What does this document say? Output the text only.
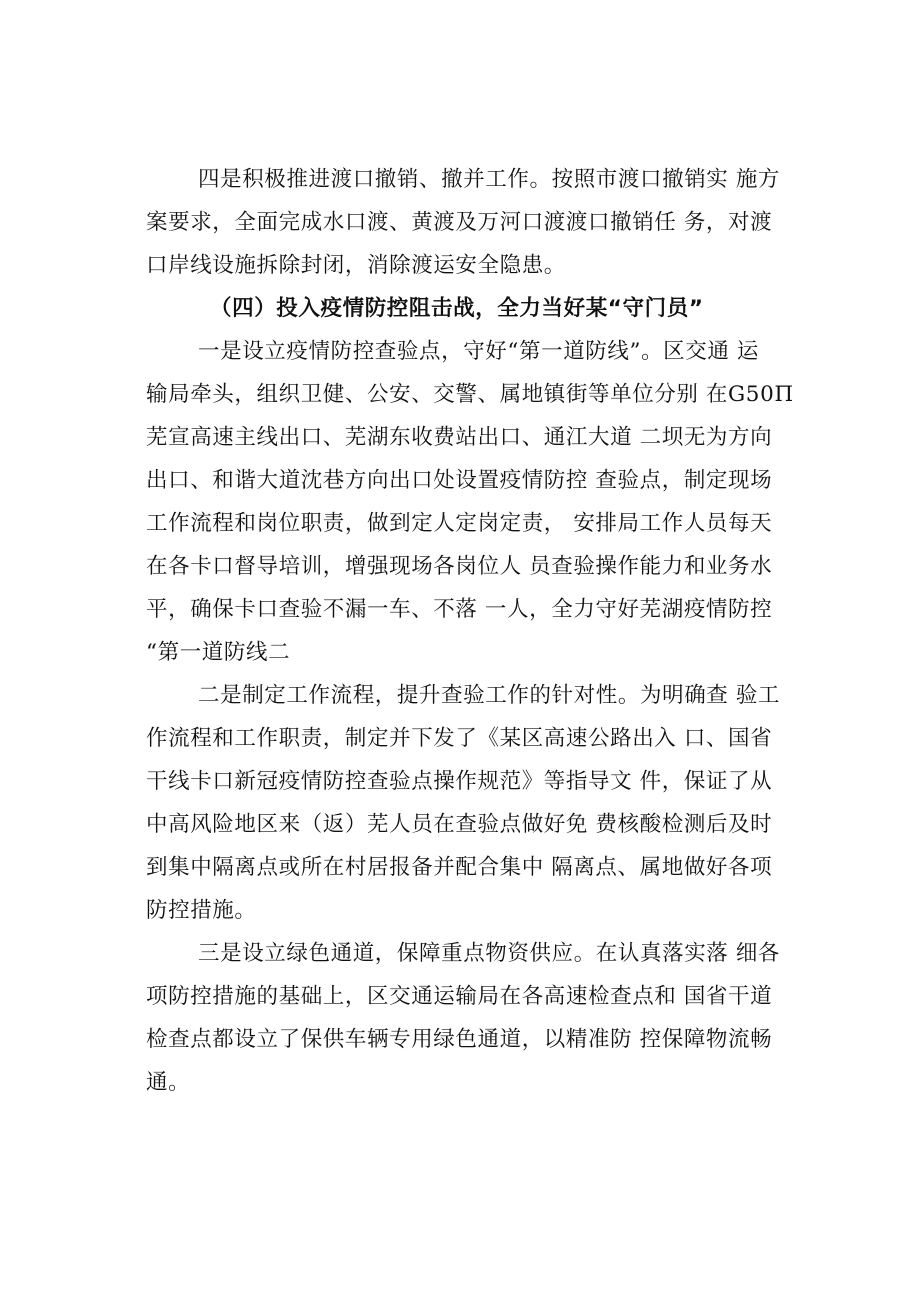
四是积极推进渡口撤销、撤并工作。按照市渡口撤销实 施方
案要求，全面完成水口渡、黄渡及万河口渡渡口撤销任 务，对渡
口岸线设施拆除封闭，消除渡运安全隐患。
（四）投入疫情防控阻击战，全力当好某“守门员”
一是设立疫情防控查验点，守好“第一道防线”。区交通 运
输局牵头，组织卫健、公安、交警、属地镇街等单位分别 在G50Π
芜宣高速主线出口、芜湖东收费站出口、通江大道 二坝无为方向
出口、和谐大道沈巷方向出口处设置疫情防控 查验点，制定现场
工作流程和岗位职责，做到定人定岗定责， 安排局工作人员每天
在各卡口督导培训，增强现场各岗位人 员查验操作能力和业务水
平，确保卡口查验不漏一车、不落 一人，全力守好芜湖疫情防控
“第一道防线二
二是制定工作流程，提升查验工作的针对性。为明确查 验工
作流程和工作职责，制定并下发了《某区高速公路出入 口、国省
干线卡口新冠疫情防控查验点操作规范》等指导文 件，保证了从
中高风险地区来（返）芜人员在查验点做好免 费核酸检测后及时
到集中隔离点或所在村居报备并配合集中 隔离点、属地做好各项
防控措施。
三是设立绿色通道，保障重点物资供应。在认真落实落 细各
项防控措施的基础上，区交通运输局在各高速检查点和 国省干道
检查点都设立了保供车辆专用绿色通道，以精准防 控保障物流畅
通。
